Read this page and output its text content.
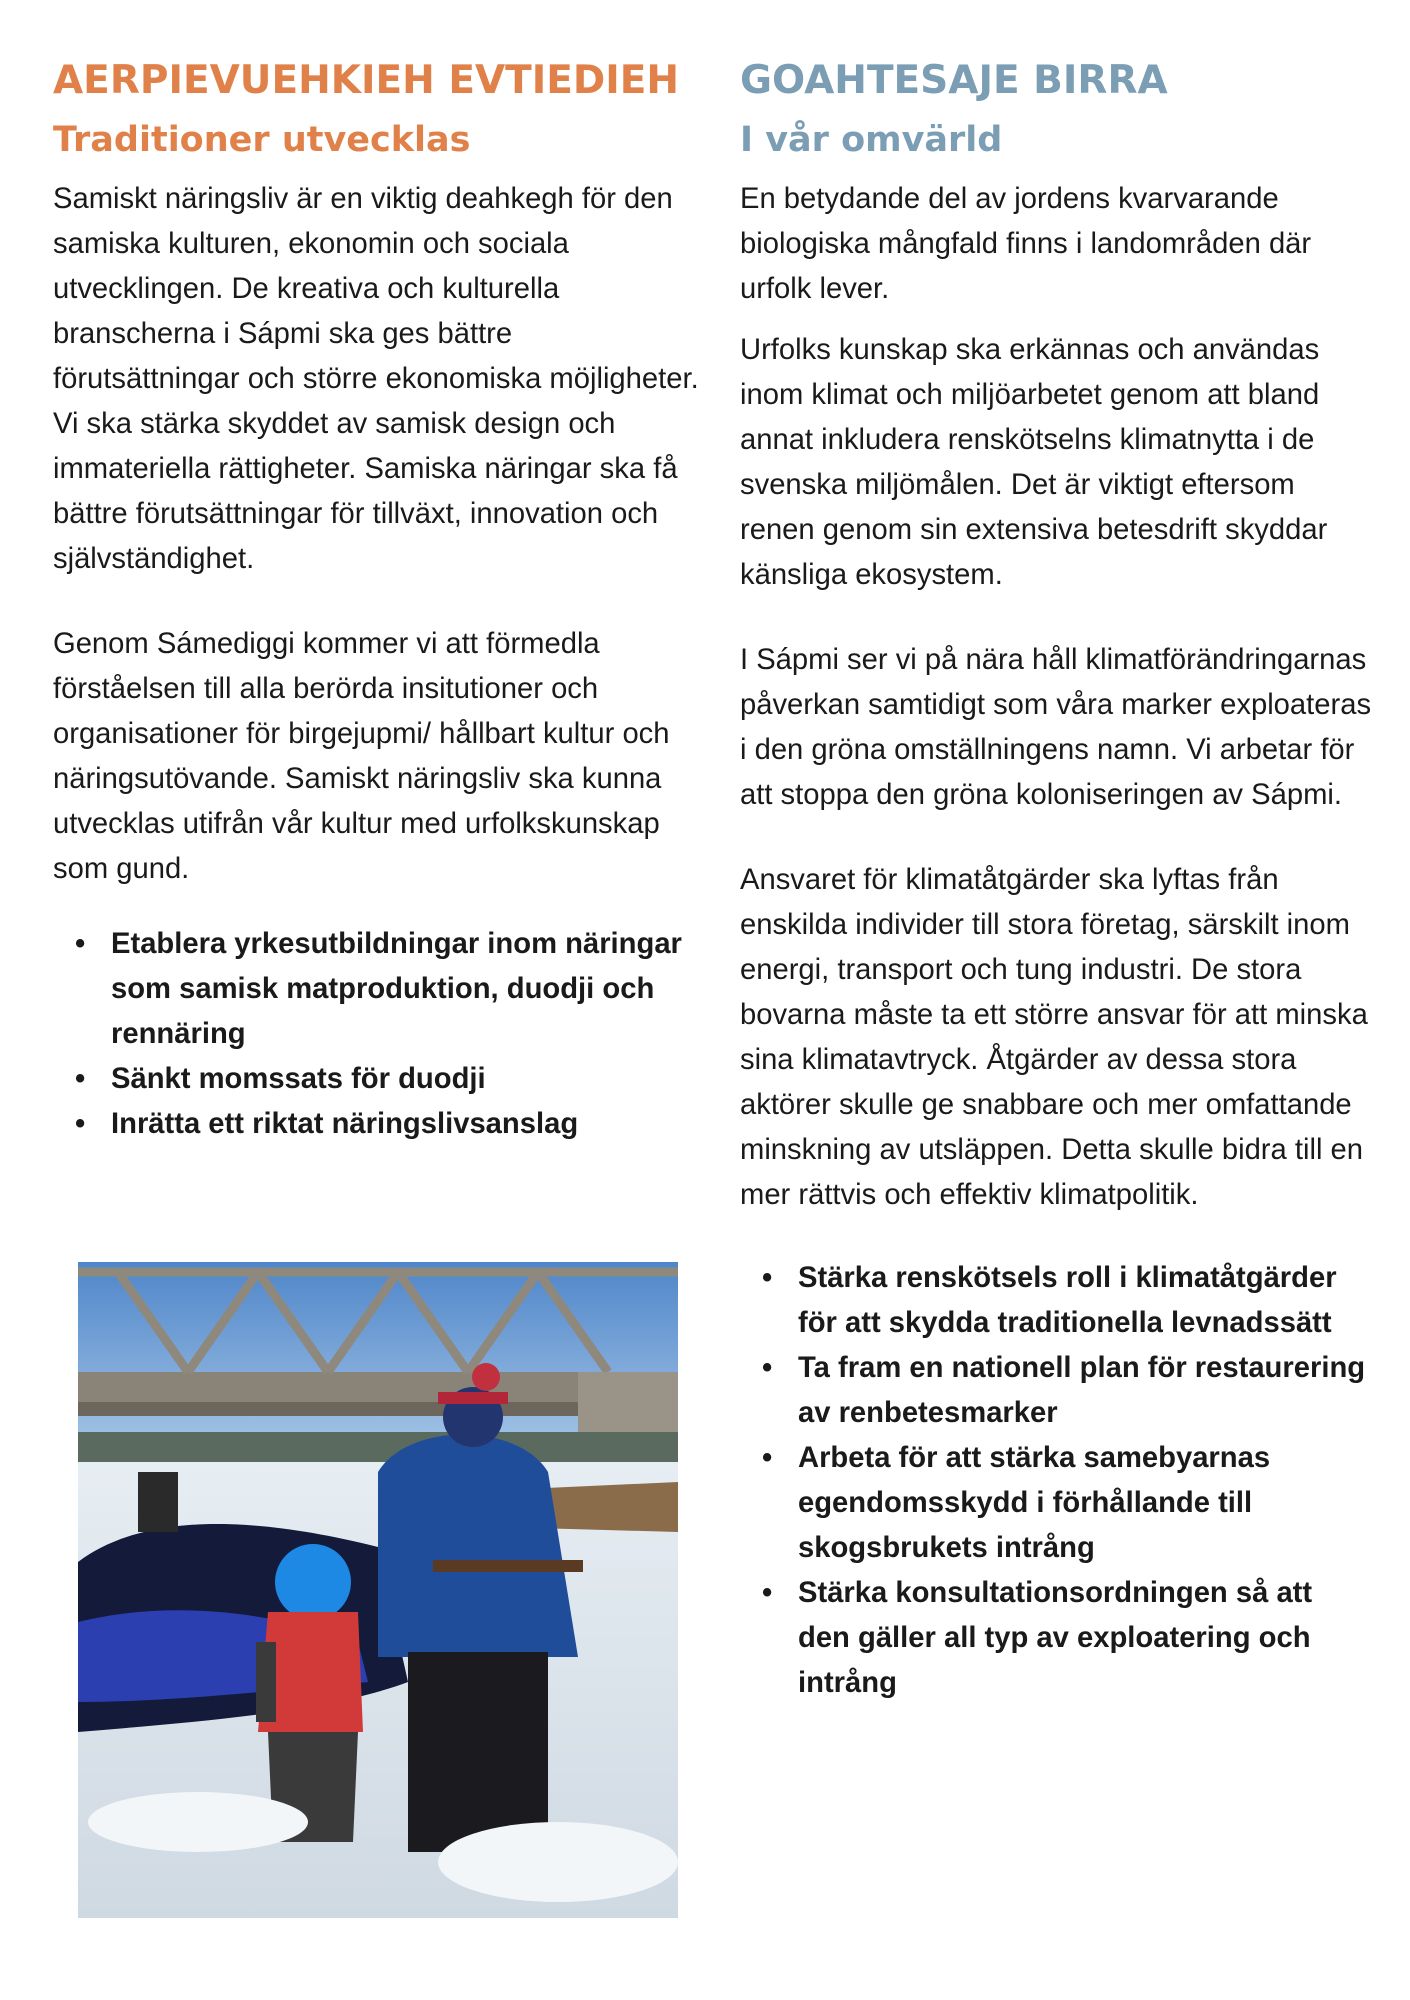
AERPIEVUEHKIEH EVTIEDIEH
Traditioner utvecklas

Samiskt näringsliv är en viktig deahkegh för den samiska kulturen, ekonomin och sociala utvecklingen. De kreativa och kulturella branscherna i Sápmi ska ges bättre förutsättningar och större ekonomiska möjligheter. Vi ska stärka skyddet av samisk design och immateriella rättigheter. Samiska näringar ska få bättre förutsättningar för tillväxt, innovation och självständighet.

Genom Sámediggi kommer vi att förmedla förståelsen till alla berörda insitutioner och organisationer för birgejupmi/ hållbart kultur och näringsutövande. Samiskt näringsliv ska kunna utvecklas utifrån vår kultur med urfolkskunskap som gund.

• Etablera yrkesutbildningar inom näringar som samisk matproduktion, duodji och rennäring
• Sänkt momssats för duodji
• Inrätta ett riktat näringslivsanslag
GOAHTESAJE BIRRA
I vår omvärld

En betydande del av jordens kvarvarande biologiska mångfald finns i landområden där urfolk lever.

Urfolks kunskap ska erkännas och användas inom klimat och miljöarbetet genom att bland annat inkludera renskötselns klimatnytta i de svenska miljömålen. Det är viktigt eftersom renen genom sin extensiva betesdrift skyddar känsliga ekosystem.

I Sápmi ser vi på nära håll klimatförändringarnas påverkan samtidigt som våra marker exploateras i den gröna omställningens namn. Vi arbetar för att stoppa den gröna koloniseringen av Sápmi.

Ansvaret för klimatåtgärder ska lyftas från enskilda individer till stora företag, särskilt inom energi, transport och tung industri. De stora bovarna måste ta ett större ansvar för att minska sina klimatavtryck. Åtgärder av dessa stora aktörer skulle ge snabbare och mer omfattande minskning av utsläppen. Detta skulle bidra till en mer rättvis och effektiv klimatpolitik.

• Stärka renskötsels roll i klimatåtgärder för att skydda traditionella levnadssätt
• Ta fram en nationell plan för restaurering av renbetesmarker
• Arbeta för att stärka samebyarnas egendomsskydd i förhållande till skogsbrukets intrång
• Stärka konsultationsordningen så att den gäller all typ av exploatering och intrång
